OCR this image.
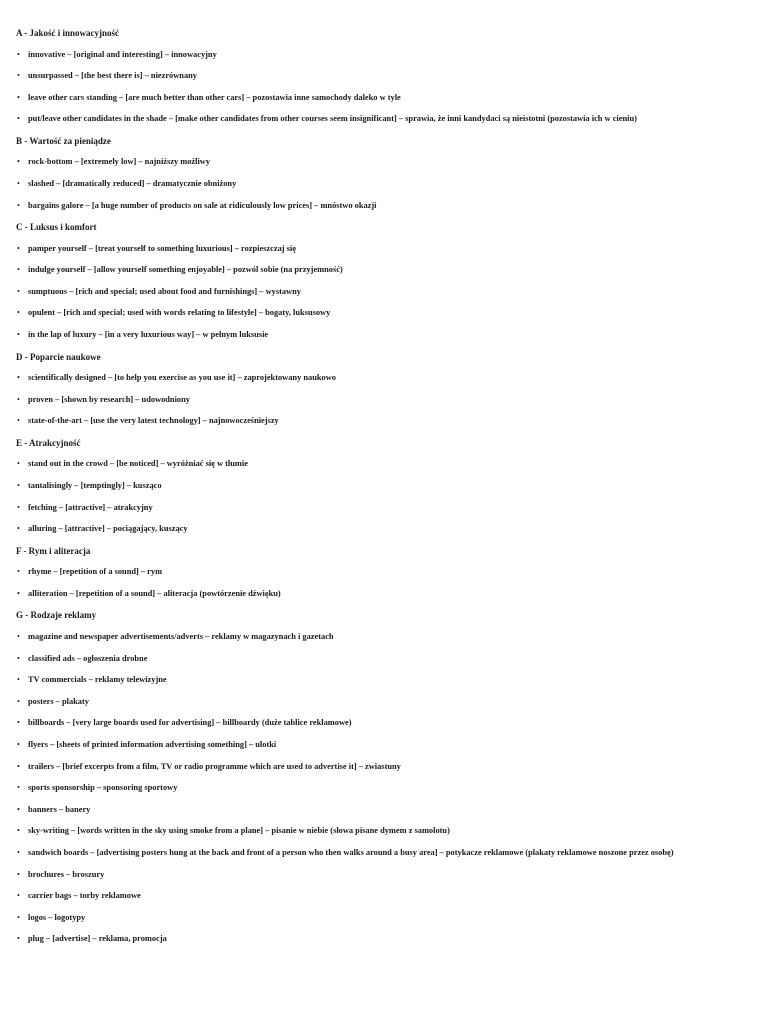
A - Jakość i innowacyjność
• innovative – [original and interesting] – innowacyjny
• unsurpassed – [the best there is] – niezrównany
• leave other cars standing – [are much better than other cars] – pozostawia inne samochody daleko w tyle
• put/leave other candidates in the shade – [make other candidates from other courses seem insignificant] – sprawia, że inni kandydaci są nieistotni (pozostawia ich w cieniu)
B - Wartość za pieniądze
• rock-bottom – [extremely low] – najniższy możliwy
• slashed – [dramatically reduced] – dramatycznie obniżony
• bargains galore – [a huge number of products on sale at ridiculously low prices] – mnóstwo okazji
C - Luksus i komfort
• pamper yourself – [treat yourself to something luxurious] – rozpieszczaj się
• indulge yourself – [allow yourself something enjoyable] – pozwól sobie (na przyjemność)
• sumptuous – [rich and special; used about food and furnishings] – wystawny
• opulent – [rich and special; used with words relating to lifestyle] – bogaty, luksusowy
• in the lap of luxury – [in a very luxurious way] – w pełnym luksusie
D - Poparcie naukowe
• scientifically designed – [to help you exercise as you use it] – zaprojektowany naukowo
• proven – [shown by research] – udowodniony
• state-of-the-art – [use the very latest technology] – najnowocześniejszy
E - Atrakcyjność
• stand out in the crowd – [be noticed] – wyróżniać się w tłumie
• tantalisingly – [temptingly] – kusząco
• fetching – [attractive] – atrakcyjny
• alluring – [attractive] – pociągający, kuszący
F - Rym i aliteracja
• rhyme – [repetition of a sound] – rym
• alliteration – [repetition of a sound] – aliteracja (powtórzenie dźwięku)
G - Rodzaje reklamy
• magazine and newspaper advertisements/adverts – reklamy w magazynach i gazetach
• classified ads – ogłoszenia drobne
• TV commercials – reklamy telewizyjne
• posters – plakaty
• billboards – [very large boards used for advertising] – billboardy (duże tablice reklamowe)
• flyers – [sheets of printed information advertising something] – ulotki
• trailers – [brief excerpts from a film, TV or radio programme which are used to advertise it] – zwiastuny
• sports sponsorship – sponsoring sportowy
• banners – banery
• sky-writing – [words written in the sky using smoke from a plane] – pisanie w niebie (słowa pisane dymem z samolotu)
• sandwich boards – [advertising posters hung at the back and front of a person who then walks around a busy area] – potykacze reklamowe (plakaty reklamowe noszone przez osobę)
• brochures – broszury
• carrier bags – torby reklamowe
• logos – logotypy
• plug – [advertise] – reklama, promocja
